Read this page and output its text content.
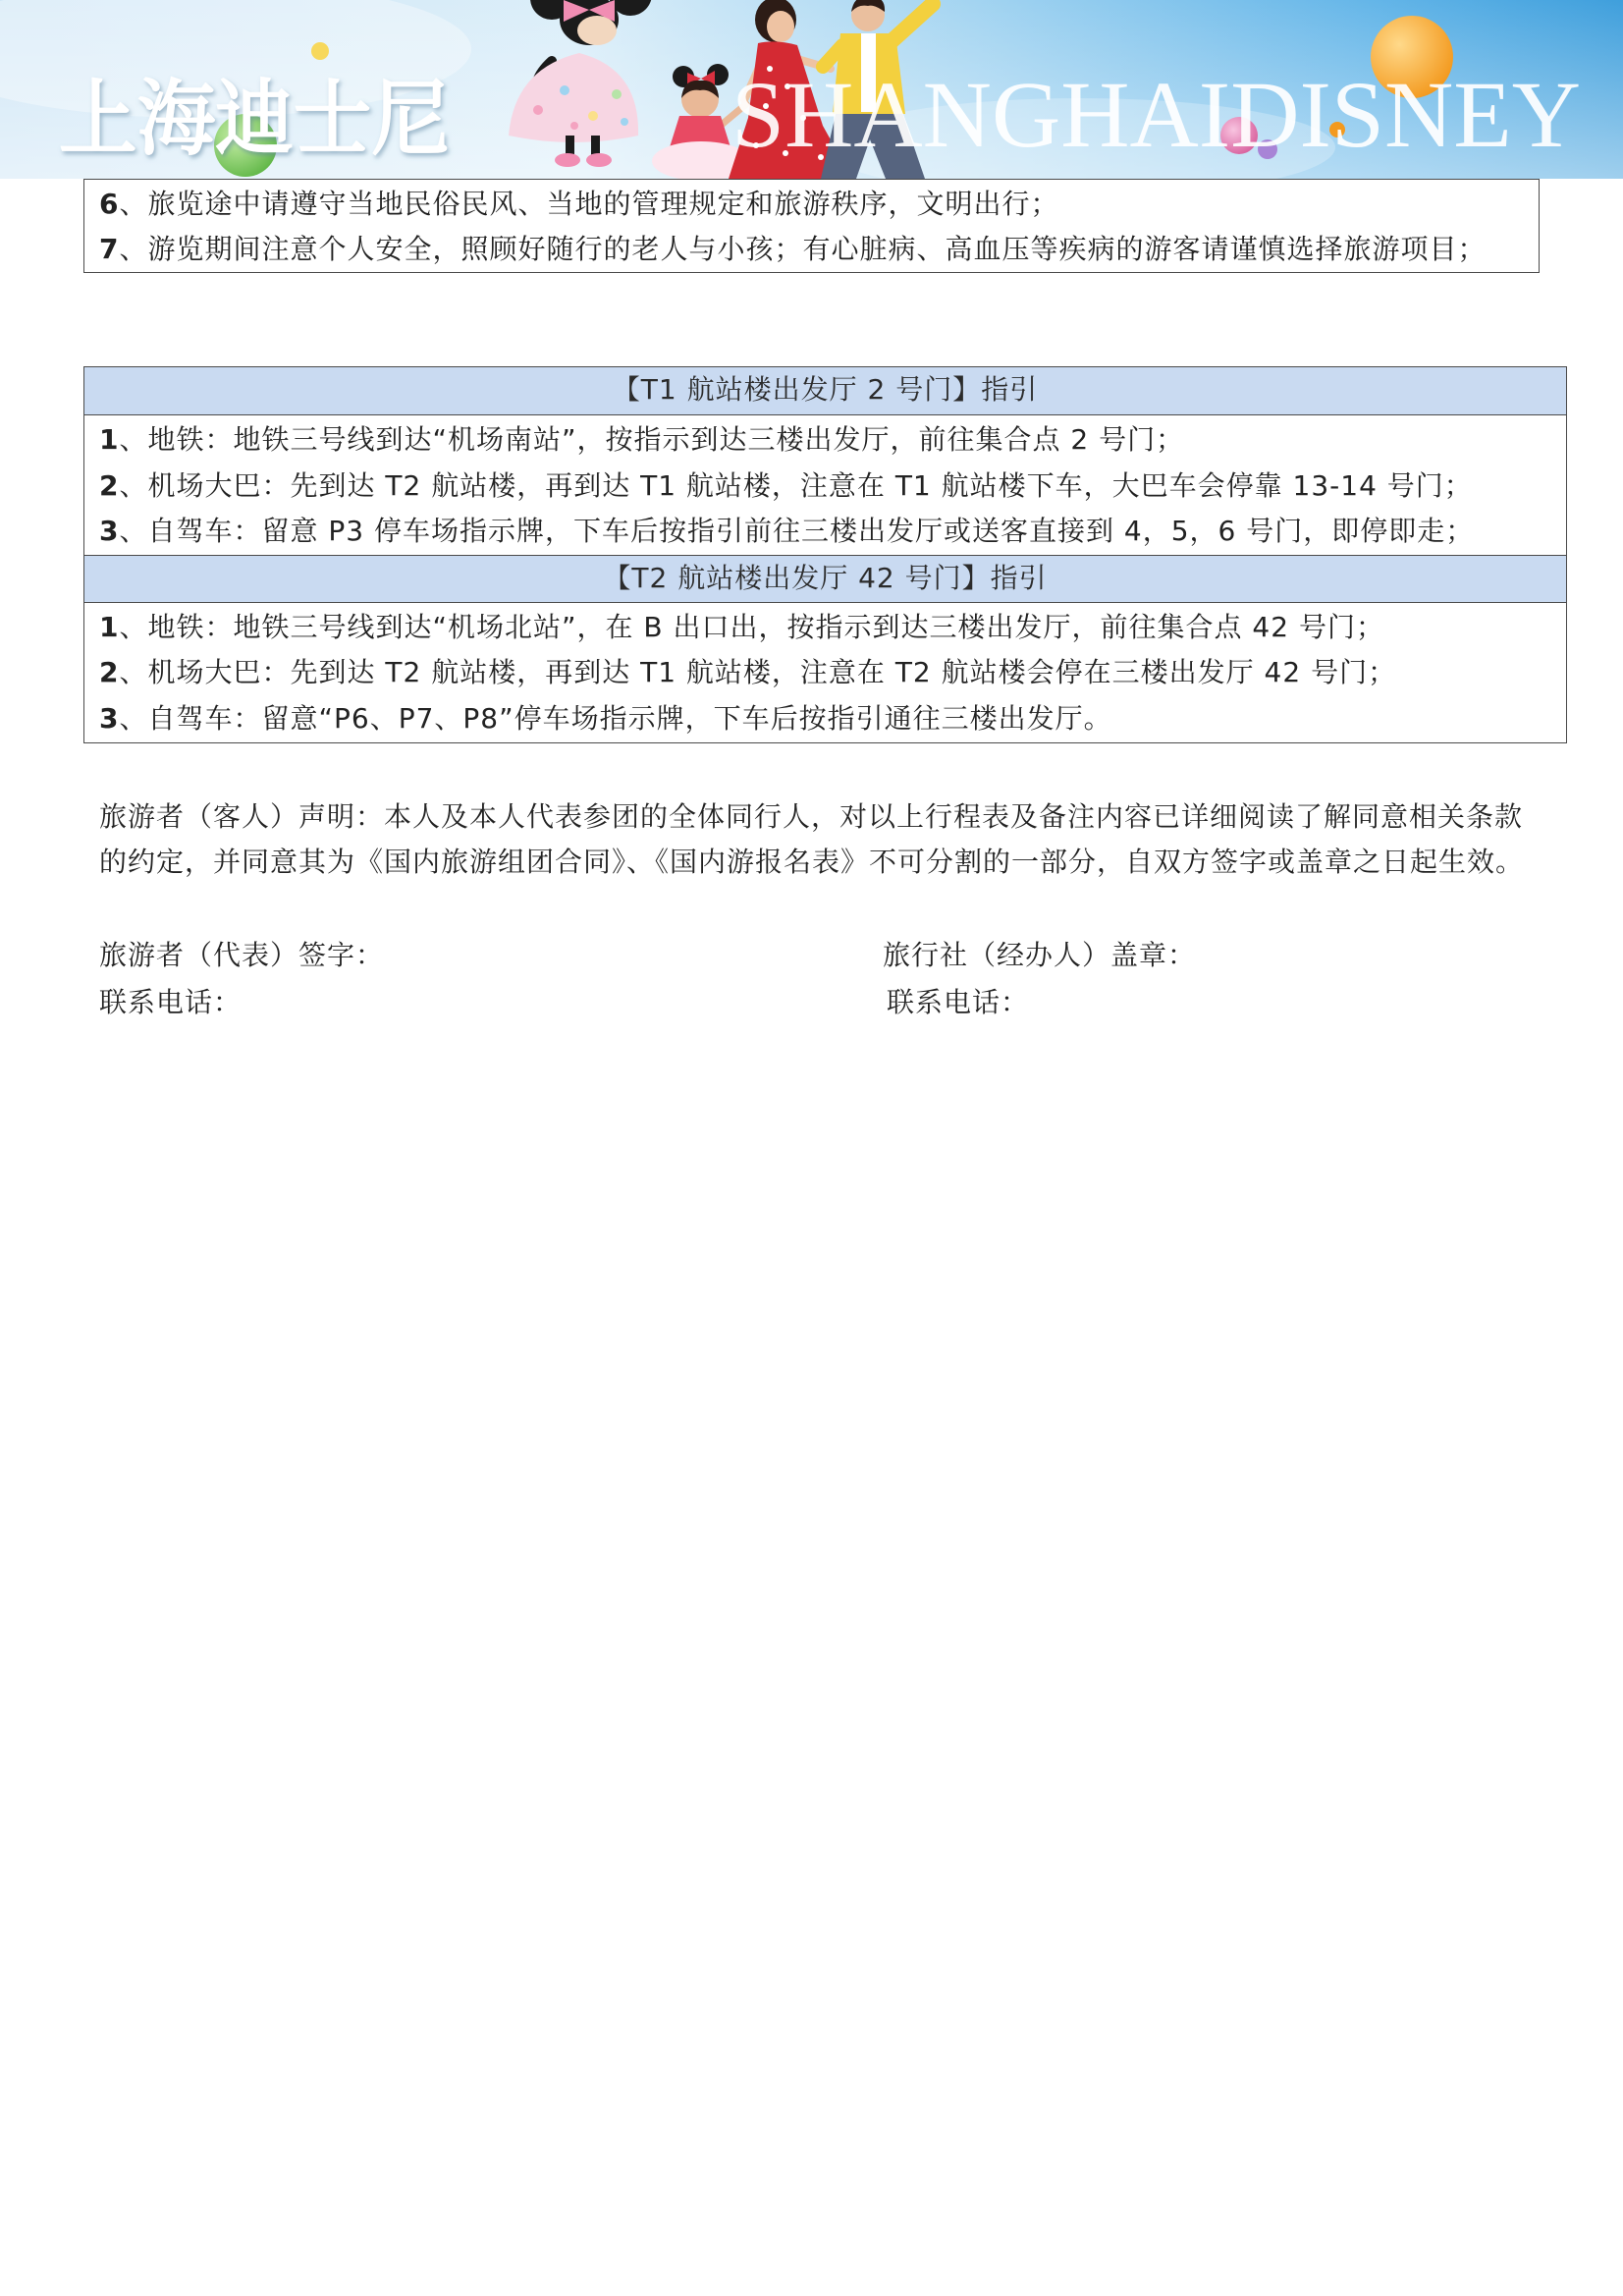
上海迪士尼	SHANGHAIDISNEY
6、旅览途中请遵守当地民俗民风、当地的管理规定和旅游秩序，文明出行；
7、游览期间注意个人安全，照顾好随行的老人与小孩；有心脏病、高血压等疾病的游客请谨慎选择旅游项目；
【T1 航站楼出发厅 2 号门】指引
1、地铁：地铁三号线到达“机场南站”，按指示到达三楼出发厅，前往集合点 2 号门；
2、机场大巴：先到达 T2 航站楼，再到达 T1 航站楼，注意在 T1 航站楼下车，大巴车会停靠 13-14 号门；
3、自驾车：留意 P3 停车场指示牌，下车后按指引前往三楼出发厅或送客直接到 4，5，6 号门，即停即走；
【T2 航站楼出发厅 42 号门】指引
1、地铁：地铁三号线到达“机场北站”，在 B 出口出，按指示到达三楼出发厅，前往集合点 42 号门；
2、机场大巴：先到达 T2 航站楼，再到达 T1 航站楼，注意在 T2 航站楼会停在三楼出发厅 42 号门；
3、自驾车：留意“P6、P7、P8”停车场指示牌，下车后按指引通往三楼出发厅。
旅游者（客人）声明：本人及本人代表参团的全体同行人，对以上行程表及备注内容已详细阅读了解同意相关条款
的约定，并同意其为《国内旅游组团合同》、《国内游报名表》不可分割的一部分，自双方签字或盖章之日起生效。
旅游者（代表）签字：
联系电话：
旅行社（经办人）盖章：
联系电话：
